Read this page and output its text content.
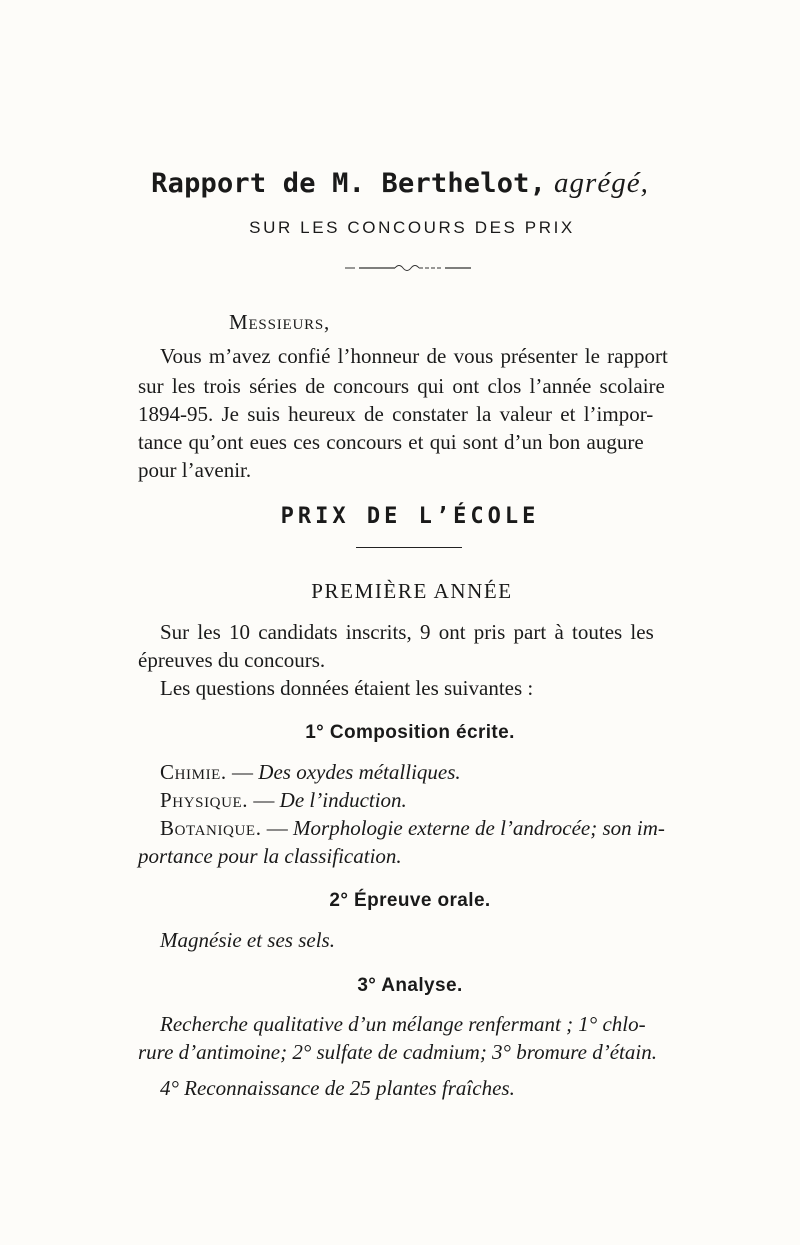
Rapport de M. Berthelot, agrégé,
SUR LES CONCOURS DES PRIX
Messieurs,
Vous m’avez confié l’honneur de vous présenter le rapport
sur les trois séries de concours qui ont clos l’année scolaire
1894-95. Je suis heureux de constater la valeur et l’impor-
tance qu’ont eues ces concours et qui sont d’un bon augure
pour l’avenir.
PRIX DE L’ÉCOLE
PREMIÈRE ANNÉE
Sur les 10 candidats inscrits, 9 ont pris part à toutes les
épreuves du concours.
Les questions données étaient les suivantes :
1° Composition écrite.
Chimie. — Des oxydes métalliques.
Physique. — De l’induction.
Botanique. — Morphologie externe de l’androcée; son im-
portance pour la classification.
2° Épreuve orale.
Magnésie et ses sels.
3° Analyse.
Recherche qualitative d’un mélange renfermant ; 1° chlo-
rure d’antimoine; 2° sulfate de cadmium; 3° bromure d’étain.
4° Reconnaissance de 25 plantes fraîches.
